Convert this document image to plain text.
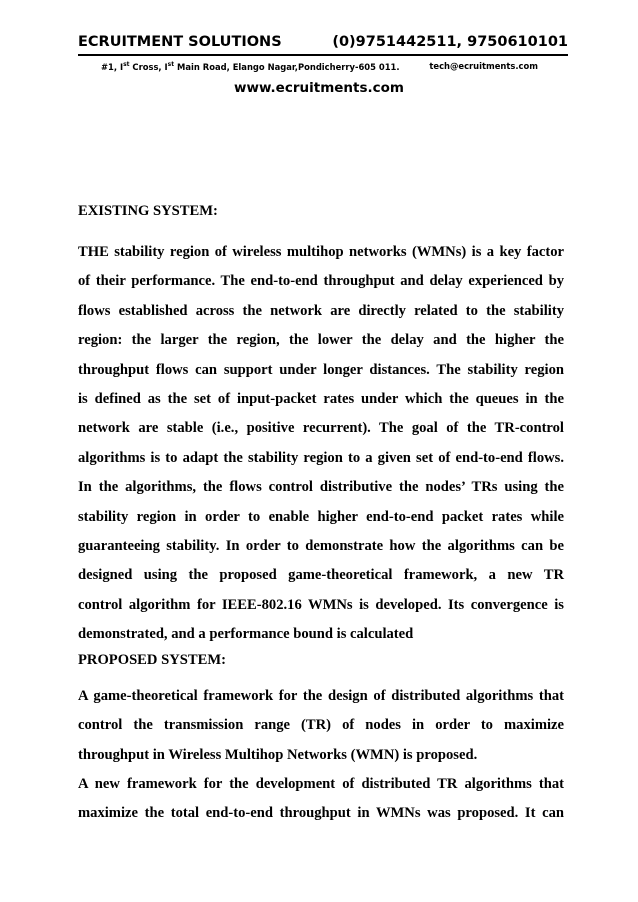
ECRUITMENT SOLUTIONS	(0)9751442511, 9750610101
#1, Ist Cross, Ist Main Road, Elango Nagar,Pondicherry-605 011.	tech@ecruitments.com
www.ecruitments.com
EXISTING SYSTEM:
THE stability region of wireless multihop networks (WMNs) is a key factor
of their performance. The end-to-end throughput and delay experienced by
flows established across the network are directly related to the stability
region: the larger the region, the lower the delay and the higher the
throughput flows can support under longer distances. The stability region
is defined as the set of input-packet rates under which the queues in the
network are stable (i.e., positive recurrent). The goal of the TR-control
algorithms is to adapt the stability region to a given set of end-to-end flows.
In the algorithms, the flows control distributive the nodes’ TRs using the
stability region in order to enable higher end-to-end packet rates while
guaranteeing stability. In order to demonstrate how the algorithms can be
designed using the proposed game-theoretical framework, a new TR
control algorithm for IEEE-802.16 WMNs is developed. Its convergence is
demonstrated, and a performance bound is calculated
PROPOSED SYSTEM:
A game-theoretical framework for the design of distributed algorithms that
control the transmission range (TR) of nodes in order to maximize
throughput in Wireless Multihop Networks (WMN) is proposed.
A new framework for the development of distributed TR algorithms that
maximize the total end-to-end throughput in WMNs was proposed. It can
